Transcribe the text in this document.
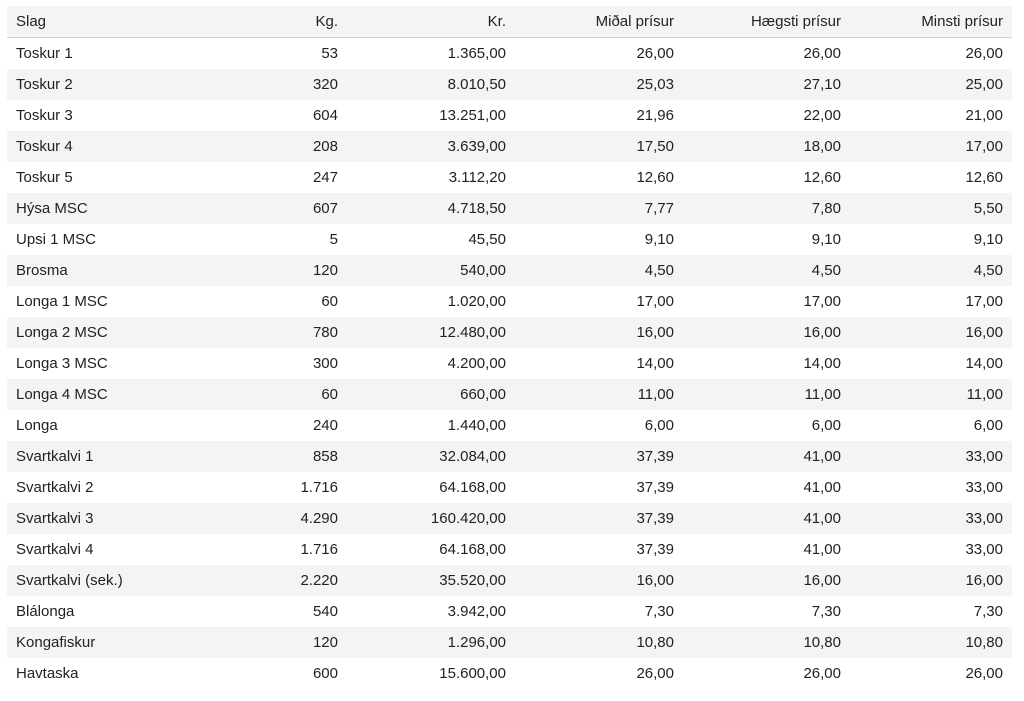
Slag	Kg.	Kr.	Miðal prísur	Hægsti prísur	Minsti prísur
Toskur 1	53	1.365,00	26,00	26,00	26,00
Toskur 2	320	8.010,50	25,03	27,10	25,00
Toskur 3	604	13.251,00	21,96	22,00	21,00
Toskur 4	208	3.639,00	17,50	18,00	17,00
Toskur 5	247	3.112,20	12,60	12,60	12,60
Hýsa MSC	607	4.718,50	7,77	7,80	5,50
Upsi 1 MSC	5	45,50	9,10	9,10	9,10
Brosma	120	540,00	4,50	4,50	4,50
Longa 1 MSC	60	1.020,00	17,00	17,00	17,00
Longa 2 MSC	780	12.480,00	16,00	16,00	16,00
Longa 3 MSC	300	4.200,00	14,00	14,00	14,00
Longa 4 MSC	60	660,00	11,00	11,00	11,00
Longa	240	1.440,00	6,00	6,00	6,00
Svartkalvi 1	858	32.084,00	37,39	41,00	33,00
Svartkalvi 2	1.716	64.168,00	37,39	41,00	33,00
Svartkalvi 3	4.290	160.420,00	37,39	41,00	33,00
Svartkalvi 4	1.716	64.168,00	37,39	41,00	33,00
Svartkalvi (sek.)	2.220	35.520,00	16,00	16,00	16,00
Blálonga	540	3.942,00	7,30	7,30	7,30
Kongafiskur	120	1.296,00	10,80	10,80	10,80
Havtaska	600	15.600,00	26,00	26,00	26,00
